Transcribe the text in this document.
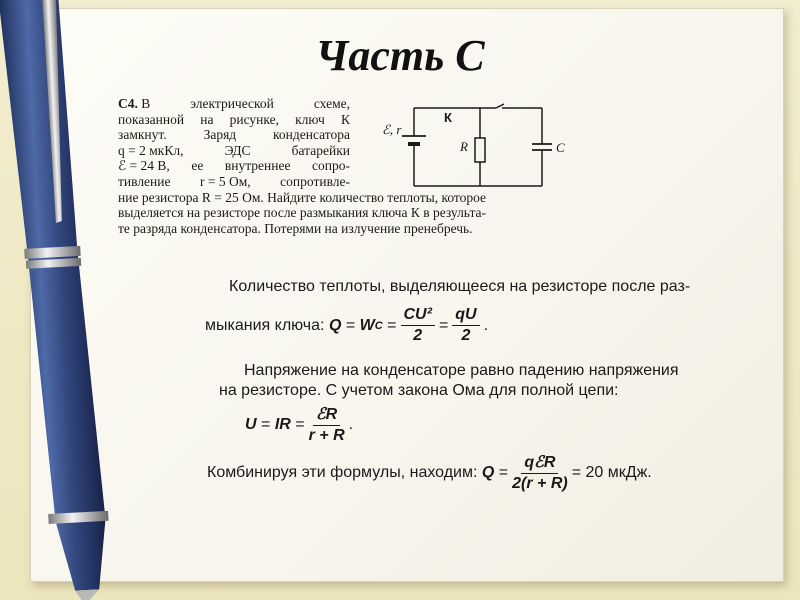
Часть С
С4. В	электрической	схеме,
показанной на рисунке, ключ К
замкнут.	Заряд	конденсатора
q = 2 мкКл,	ЭДС	батарейки
ℰ = 24 В, ее внутреннее сопро-
тивление r = 5 Ом, сопротивле-
ние резистора R = 25 Ом. Найдите количество теплоты, которое
выделяется на резисторе после размыкания ключа К в результа-
те разряда конденсатора. Потерями на излучение пренебречь.
ℰ, r
К
R	C
Количество теплоты, выделяющееся на резисторе после раз-
мыкания ключа:
Q
=
W C
= $\frac{\text{CU²}}{2} = \frac{qU}{2}$ .
Напряжение на конденсаторе равно падению напряжения
на резисторе. С учетом закона Ома для полной цепи:
U
=
IR
= $\frac{\text{ℰR}}{r + R}$ .
Комбинируя эти формулы, находим:
Q
= $\frac{\text{qℰR}}{2(r + R)}$ =
20 мкДж.
